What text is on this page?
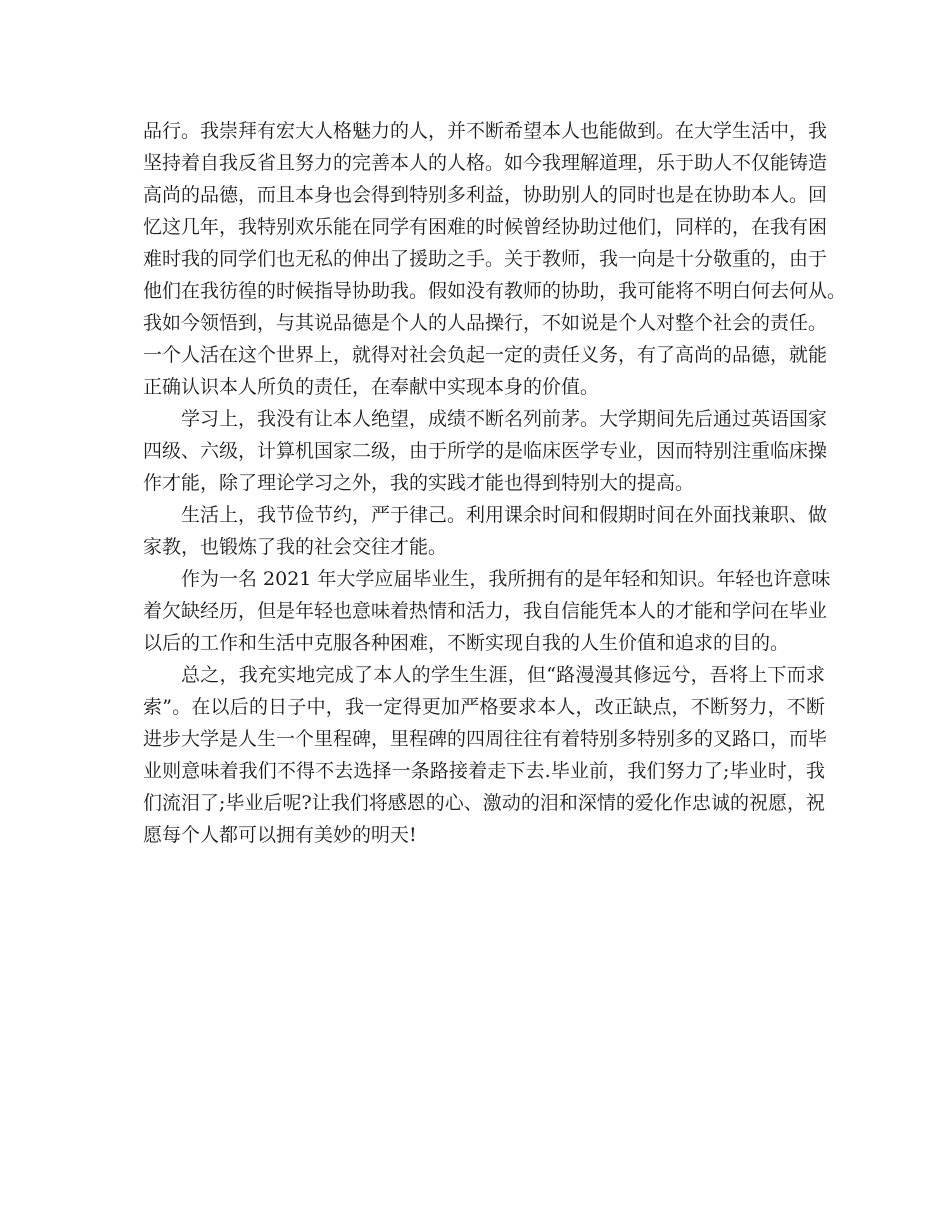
品行。我崇拜有宏大人格魅力的人，并不断希望本人也能做到。在大学生活中，我
坚持着自我反省且努力的完善本人的人格。如今我理解道理，乐于助人不仅能铸造
高尚的品德，而且本身也会得到特别多利益，协助别人的同时也是在协助本人。回
忆这几年，我特别欢乐能在同学有困难的时候曾经协助过他们，同样的，在我有困
难时我的同学们也无私的伸出了援助之手。关于教师，我一向是十分敬重的，由于
他们在我彷徨的时候指导协助我。假如没有教师的协助，我可能将不明白何去何从。
我如今领悟到，与其说品德是个人的人品操行，不如说是个人对整个社会的责任。
一个人活在这个世界上，就得对社会负起一定的责任义务，有了高尚的品德，就能
正确认识本人所负的责任，在奉献中实现本身的价值。
学习上，我没有让本人绝望，成绩不断名列前茅。大学期间先后通过英语国家
四级、六级，计算机国家二级，由于所学的是临床医学专业，因而特别注重临床操
作才能，除了理论学习之外，我的实践才能也得到特别大的提高。
生活上，我节俭节约，严于律己。利用课余时间和假期时间在外面找兼职、做
家教，也锻炼了我的社会交往才能。
作为一名 2021 年大学应届毕业生，我所拥有的是年轻和知识。年轻也许意味
着欠缺经历，但是年轻也意味着热情和活力，我自信能凭本人的才能和学问在毕业
以后的工作和生活中克服各种困难，不断实现自我的人生价值和追求的目的。
总之，我充实地完成了本人的学生生涯，但“路漫漫其修远兮，吾将上下而求
索”。在以后的日子中，我一定得更加严格要求本人，改正缺点，不断努力，不断
进步大学是人生一个里程碑，里程碑的四周往往有着特别多特别多的叉路口，而毕
业则意味着我们不得不去选择一条路接着走下去.毕业前，我们努力了;毕业时，我
们流泪了;毕业后呢?让我们将感恩的心、激动的泪和深情的爱化作忠诚的祝愿，祝
愿每个人都可以拥有美妙的明天!
